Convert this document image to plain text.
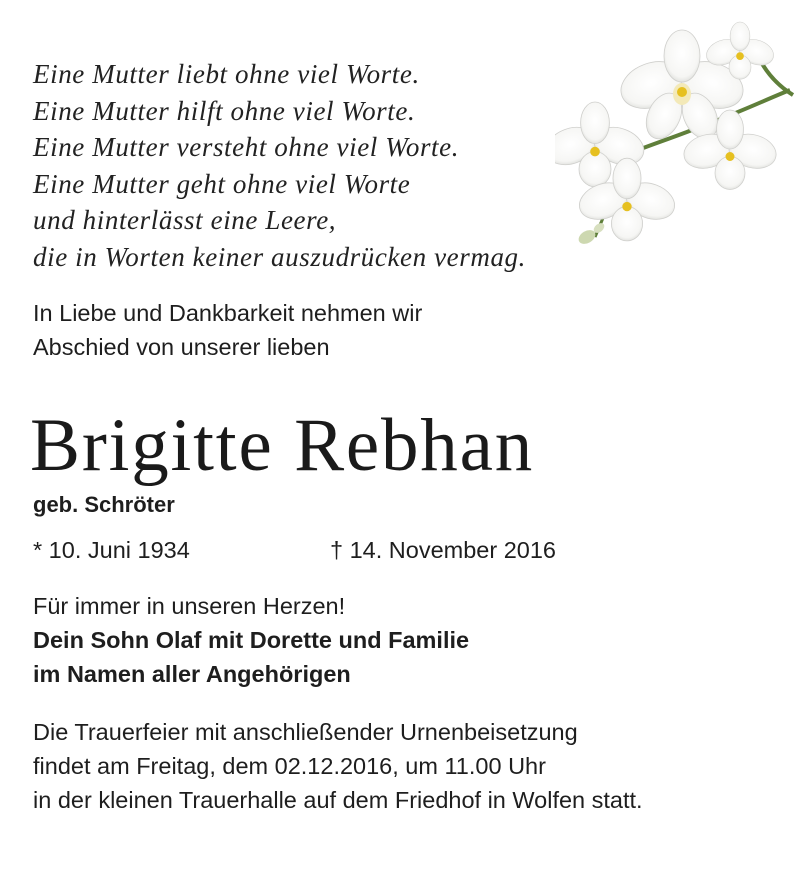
Eine Mutter liebt ohne viel Worte.
Eine Mutter hilft ohne viel Worte.
Eine Mutter versteht ohne viel Worte.
Eine Mutter geht ohne viel Worte
und hinterlässt eine Leere,
die in Worten keiner auszudrücken vermag.
In Liebe und Dankbarkeit nehmen wir
Abschied von unserer lieben
Brigitte Rebhan
geb. Schröter
* 10. Juni 1934	† 14. November 2016
Für immer in unseren Herzen!
Dein Sohn Olaf mit Dorette und Familie
im Namen aller Angehörigen
Die Trauerfeier mit anschließender Urnenbeisetzung
findet am Freitag, dem 02.12.2016, um 11.00 Uhr
in der kleinen Trauerhalle auf dem Friedhof in Wolfen statt.
